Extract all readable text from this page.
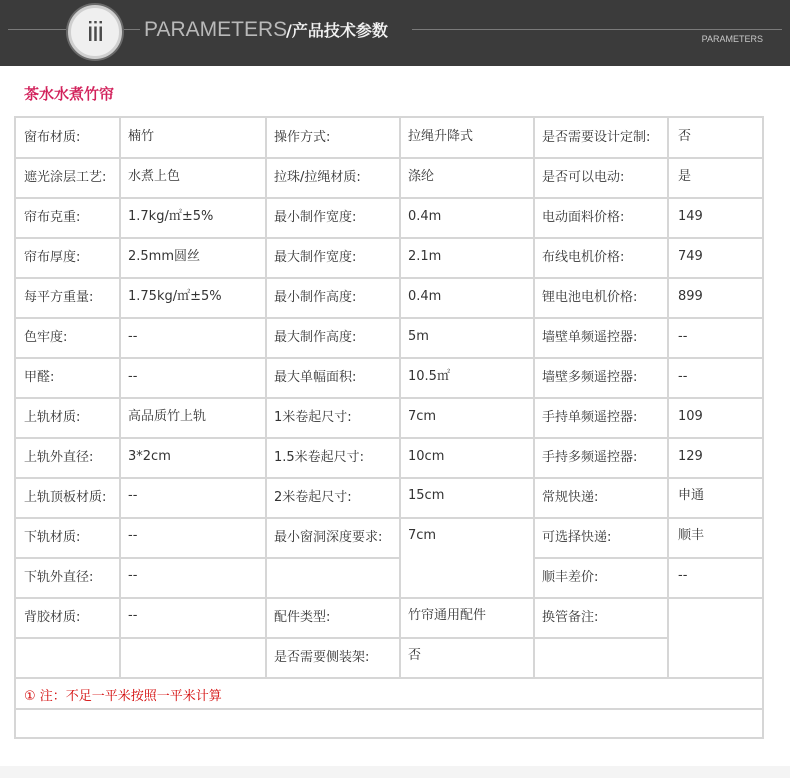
iii PARAMETERS
/产品技术参数	PARAMETERS
茶水水煮竹帘
窗布材质:	楠竹	操作方式:	拉绳升降式	是否需要设计定制: 否
遮光涂层工艺: 水煮上色	拉珠/拉绳材质:	涤纶	是否可以电动:	是
帘布克重:	1.7kg/㎡±5%	最小制作宽度:	0.4m	电动面料价格:	149
帘布厚度:	2.5mm圆丝	最大制作宽度:	2.1m	布线电机价格:	749
每平方重量:	1.75kg/㎡±5%	最小制作高度:	0.4m	锂电池电机价格:	899
色牢度:	--	最大制作高度:	5m	墙壁单频遥控器:	--
甲醛:	--	最大单幅面积:	10.5㎡	墙壁多频遥控器:	--
上轨材质:	高品质竹上轨	1米卷起尺寸:	7cm	手持单频遥控器:	109
上轨外直径:	3*2cm	1.5米卷起尺寸:	10cm	手持多频遥控器:	129
上轨顶板材质: --	2米卷起尺寸:	15cm	常规快递:	申通
下轨材质:	--	最小窗洞深度要求: 7cm	可选择快递:	顺丰
下轨外直径:	--	顺丰差价:	--
背胶材质:	--	配件类型:	竹帘通用配件	换管备注:
是否需要侧装架:	否
① 注：不足一平米按照一平米计算
